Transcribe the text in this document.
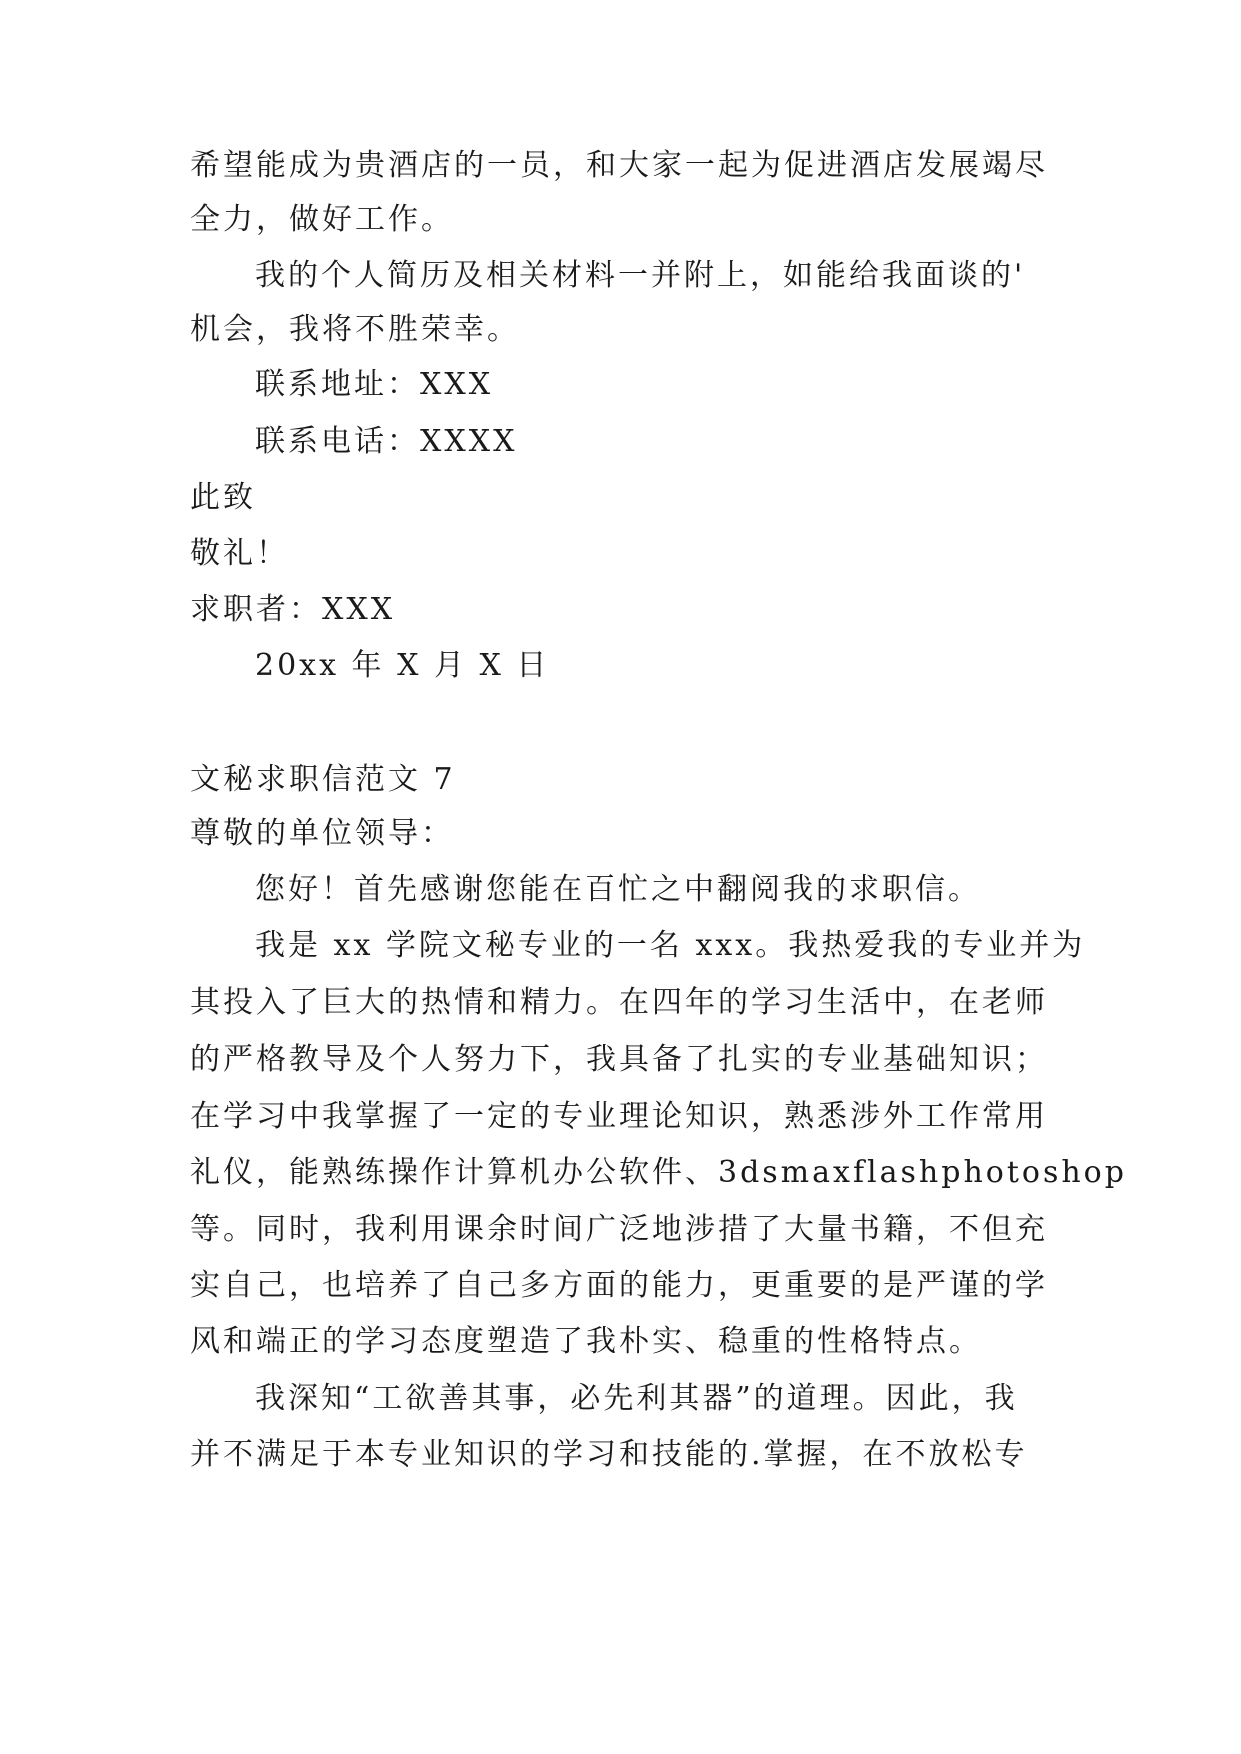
希望能成为贵酒店的一员，和大家一起为促进酒店发展竭尽
全力，做好工作。
我的个人简历及相关材料一并附上，如能给我面谈的'
机会，我将不胜荣幸。
联系地址：XXX
联系电话：XXXX
此致
敬礼！
求职者：XXX
20xx 年 X 月 X 日
文秘求职信范文 7
尊敬的单位领导：
您好！首先感谢您能在百忙之中翻阅我的求职信。
我是 xx 学院文秘专业的一名 xxx。我热爱我的专业并为
其投入了巨大的热情和精力。在四年的学习生活中，在老师
的严格教导及个人努力下，我具备了扎实的专业基础知识；
在学习中我掌握了一定的专业理论知识，熟悉涉外工作常用
礼仪，能熟练操作计算机办公软件、3dsmaxflashphotoshop
等。同时，我利用课余时间广泛地涉措了大量书籍，不但充
实自己，也培养了自己多方面的能力，更重要的是严谨的学
风和端正的学习态度塑造了我朴实、稳重的性格特点。
我深知“工欲善其事，必先利其器”的道理。因此，我
并不满足于本专业知识的学习和技能的.掌握，在不放松专
